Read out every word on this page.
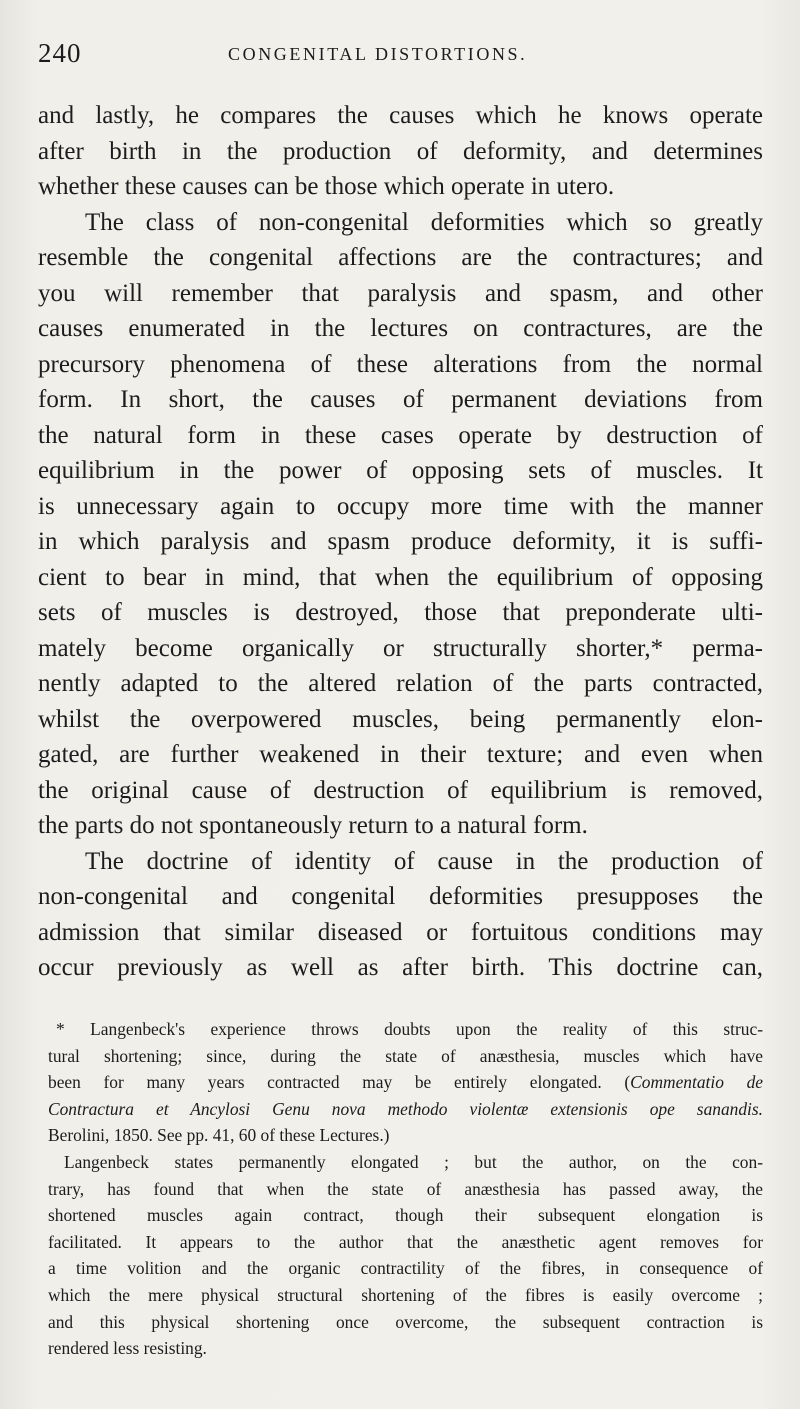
240	CONGENITAL DISTORTIONS.
and lastly, he compares the causes which he knows operate
after birth in the production of deformity, and determines
whether these causes can be those which operate in utero.
The class of non-congenital deformities which so greatly
resemble the congenital affections are the contractures; and
you will remember that paralysis and spasm, and other
causes enumerated in the lectures on contractures, are the
precursory phenomena of these alterations from the normal
form. In short, the causes of permanent deviations from
the natural form in these cases operate by destruction of
equilibrium in the power of opposing sets of muscles. It
is unnecessary again to occupy more time with the manner
in which paralysis and spasm produce deformity, it is suffi-
cient to bear in mind, that when the equilibrium of opposing
sets of muscles is destroyed, those that preponderate ulti-
mately become organically or structurally shorter,* perma-
nently adapted to the altered relation of the parts contracted,
whilst the overpowered muscles, being permanently elon-
gated, are further weakened in their texture; and even when
the original cause of destruction of equilibrium is removed,
the parts do not spontaneously return to a natural form.
The doctrine of identity of cause in the production of
non-congenital and congenital deformities presupposes the
admission that similar diseased or fortuitous conditions may
occur previously as well as after birth. This doctrine can,
* Langenbeck's experience throws doubts upon the reality of this struc-
tural shortening; since, during the state of anæsthesia, muscles which have
been for many years contracted may be entirely elongated. (Commentatio de
Contractura et Ancylosi Genu nova methodo violentæ extensionis ope sanandis.
Berolini, 1850. See pp. 41, 60 of these Lectures.)
Langenbeck states permanently elongated ; but the author, on the con-
trary, has found that when the state of anæsthesia has passed away, the
shortened muscles again contract, though their subsequent elongation is
facilitated. It appears to the author that the anæsthetic agent removes for
a time volition and the organic contractility of the fibres, in consequence of
which the mere physical structural shortening of the fibres is easily overcome ;
and this physical shortening once overcome, the subsequent contraction is
rendered less resisting.
